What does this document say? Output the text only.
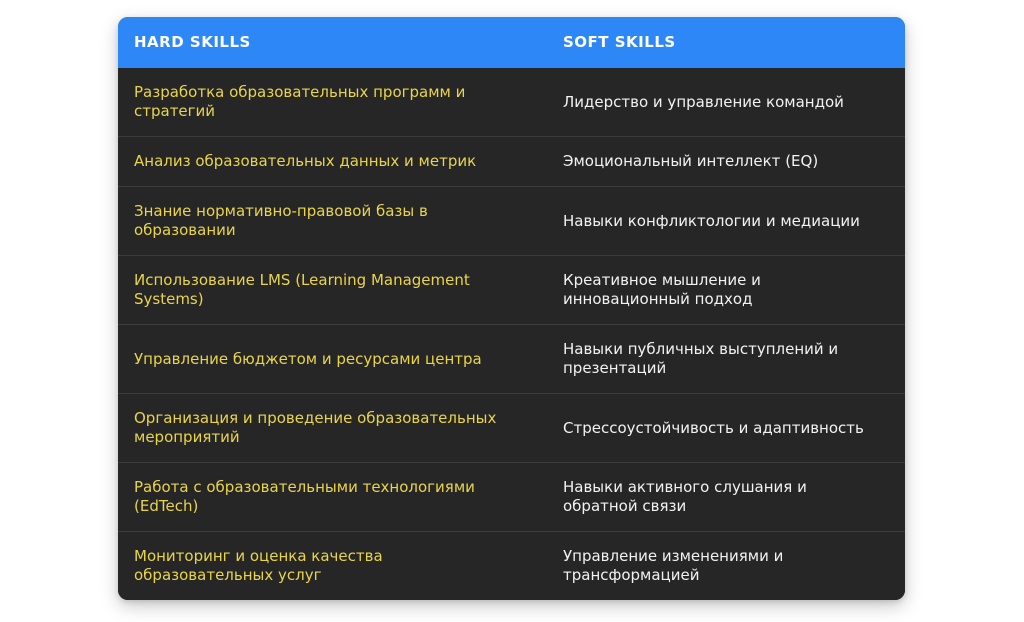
HARD SKILLS	SOFT SKILLS
Разработка образовательных программ и стратегий
Лидерство и управление командой
Анализ образовательных данных и метрик	Эмоциональный интеллект (EQ)
Знание нормативно-правовой базы в образовании
Навыки конфликтологии и медиации
Использование LMS (Learning Management Systems)
Креативное мышление и инновационный подход
Управление бюджетом и ресурсами центра
Навыки публичных выступлений и презентаций
Организация и проведение образовательных мероприятий
Стрессоустойчивость и адаптивность
Работа с образовательными технологиями (EdTech)
Навыки активного слушания и обратной связи
Мониторинг и оценка качества образовательных услуг
Управление изменениями и трансформацией
